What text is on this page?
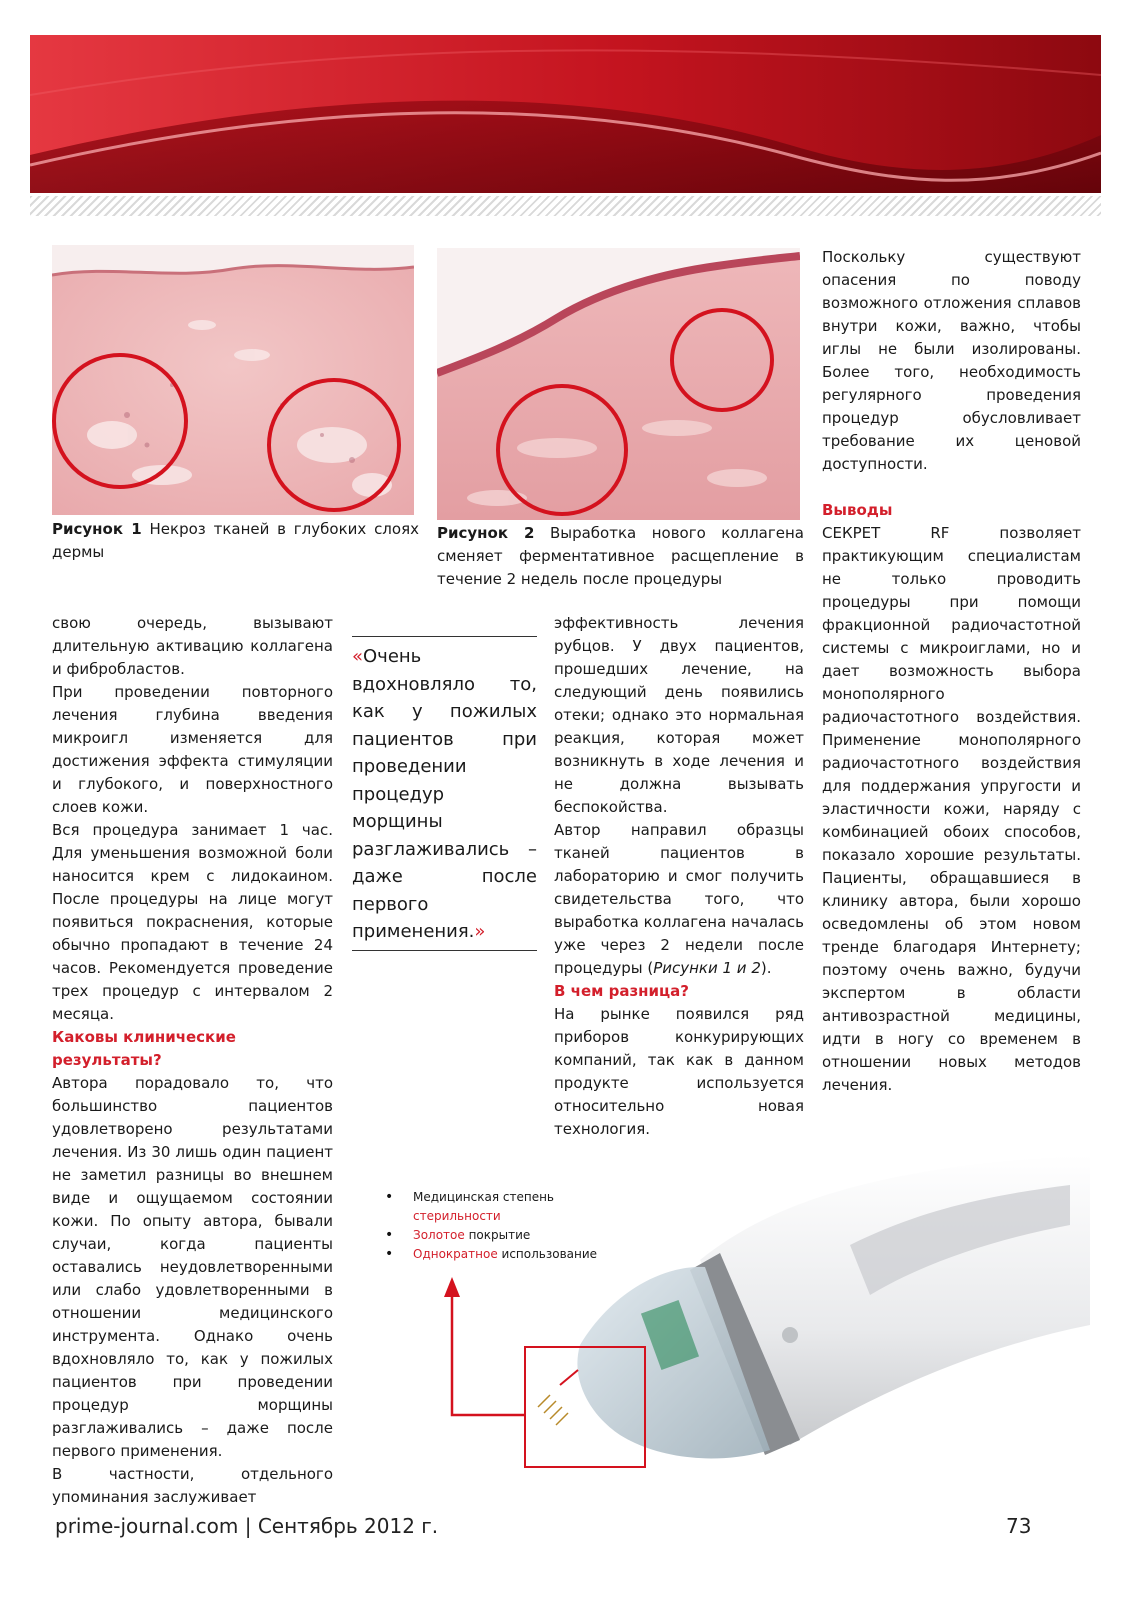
Рисунок 1 Некроз тканей в глубоких слоях дермы

Рисунок 2 Выработка нового коллагена сменяет ферментативное расщепление в течение 2 недель после процедуры

свою очередь, вызывают длительную активацию коллагена и фибробластов.

При проведении повторного лечения глубина введения микроигл изменяется для достижения эффекта стимуляции и глубокого, и поверхностного слоев кожи.

Вся процедура занимает 1 час. Для уменьшения возможной боли наносится крем с лидокаином. После процедуры на лице могут появиться покраснения, которые обычно пропадают в течение 24 часов. Рекомендуется проведение трех процедур с интервалом 2 месяца.

Каковы клинические результаты?

Автора порадовало то, что большинство пациентов удовлетворено результатами лечения. Из 30 лишь один пациент не заметил разницы во внешнем виде и ощущаемом состоянии кожи. По опыту автора, бывали случаи, когда пациенты оставались неудовлетворенными или слабо удовлетворенными в отношении медицинского инструмента. Однако очень вдохновляло то, как у пожилых пациентов при проведении процедур морщины разглаживались – даже после первого применения.

В частности, отдельного упоминания заслуживает

«Очень вдохновляло то, как у пожилых пациентов при проведении процедур морщины разглаживались – даже после первого применения.»

эффективность лечения рубцов. У двух пациентов, прошедших лечение, на следующий день появились отеки; однако это нормальная реакция, которая может возникнуть в ходе лечения и не должна вызывать беспокойства.

Автор направил образцы тканей пациентов в лабораторию и смог получить свидетельства того, что выработка коллагена началась уже через 2 недели после процедуры (Рисунки 1 и 2).

В чем разница?

На рынке появился ряд приборов конкурирующих компаний, так как в данном продукте используется относительно новая технология.

Поскольку существуют опасения по поводу возможного отложения сплавов внутри кожи, важно, чтобы иглы не были изолированы. Более того, необходимость регулярного проведения процедур обусловливает требование их ценовой доступности.

Выводы

СЕКРЕТ RF позволяет практикующим специалистам не только проводить процедуры при помощи фракционной радиочастотной системы с микроиглами, но и дает возможность выбора монополярного радиочастотного воздействия. Применение монополярного радиочастотного воздействия для поддержания упругости и эластичности кожи, наряду с комбинацией обоих способов, показало хорошие результаты. Пациенты, обращавшиеся в клинику автора, были хорошо осведомлены об этом новом тренде благодаря Интернету; поэтому очень важно, будучи экспертом в области антивозрастной медицины, идти в ногу со временем в отношении новых методов лечения.

• Медицинская степень
стерильности
• Золотое покрытие
• Однократное использование
prime-journal.com | Сентябрь 2012 г.	73
